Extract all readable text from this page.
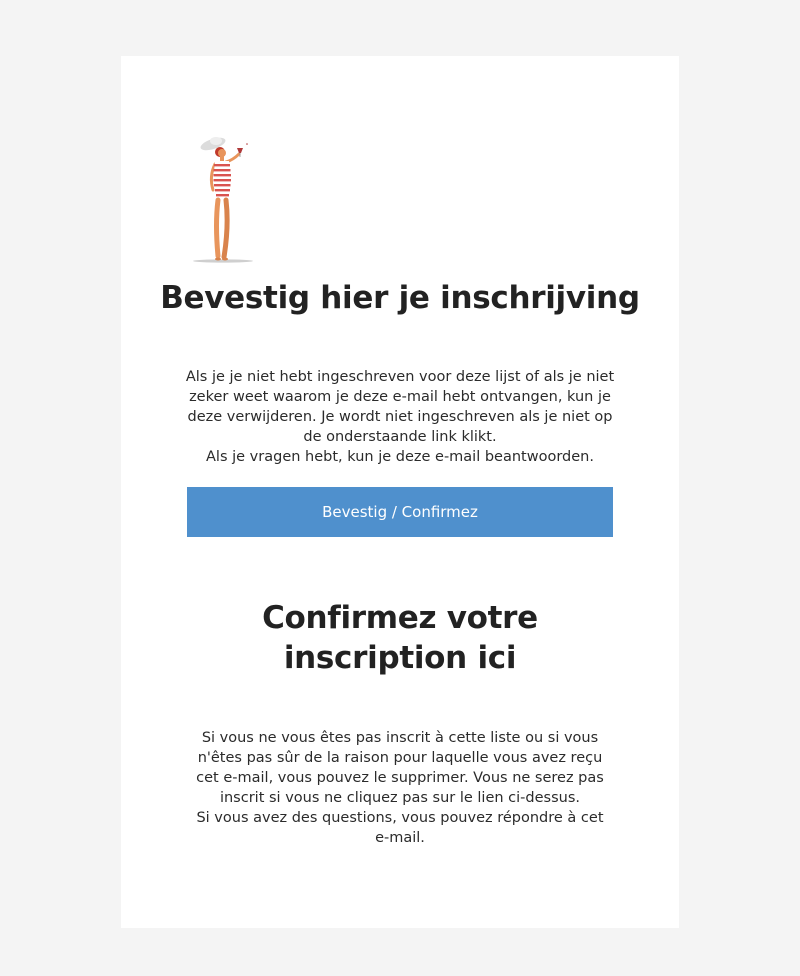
Bevestig hier je inschrijving

Als je je niet hebt ingeschreven voor deze lijst of als je niet zeker weet waarom je deze e-mail hebt ontvangen, kun je deze verwijderen. Je wordt niet ingeschreven als je niet op de onderstaande link klikt.
Als je vragen hebt, kun je deze e-mail beantwoorden.

Bevestig / Confirmez
Confirmez votre inscription ici

Si vous ne vous êtes pas inscrit à cette liste ou si vous n'êtes pas sûr de la raison pour laquelle vous avez reçu cet e-mail, vous pouvez le supprimer. Vous ne serez pas inscrit si vous ne cliquez pas sur le lien ci-dessus.
Si vous avez des questions, vous pouvez répondre à cet e-mail.
